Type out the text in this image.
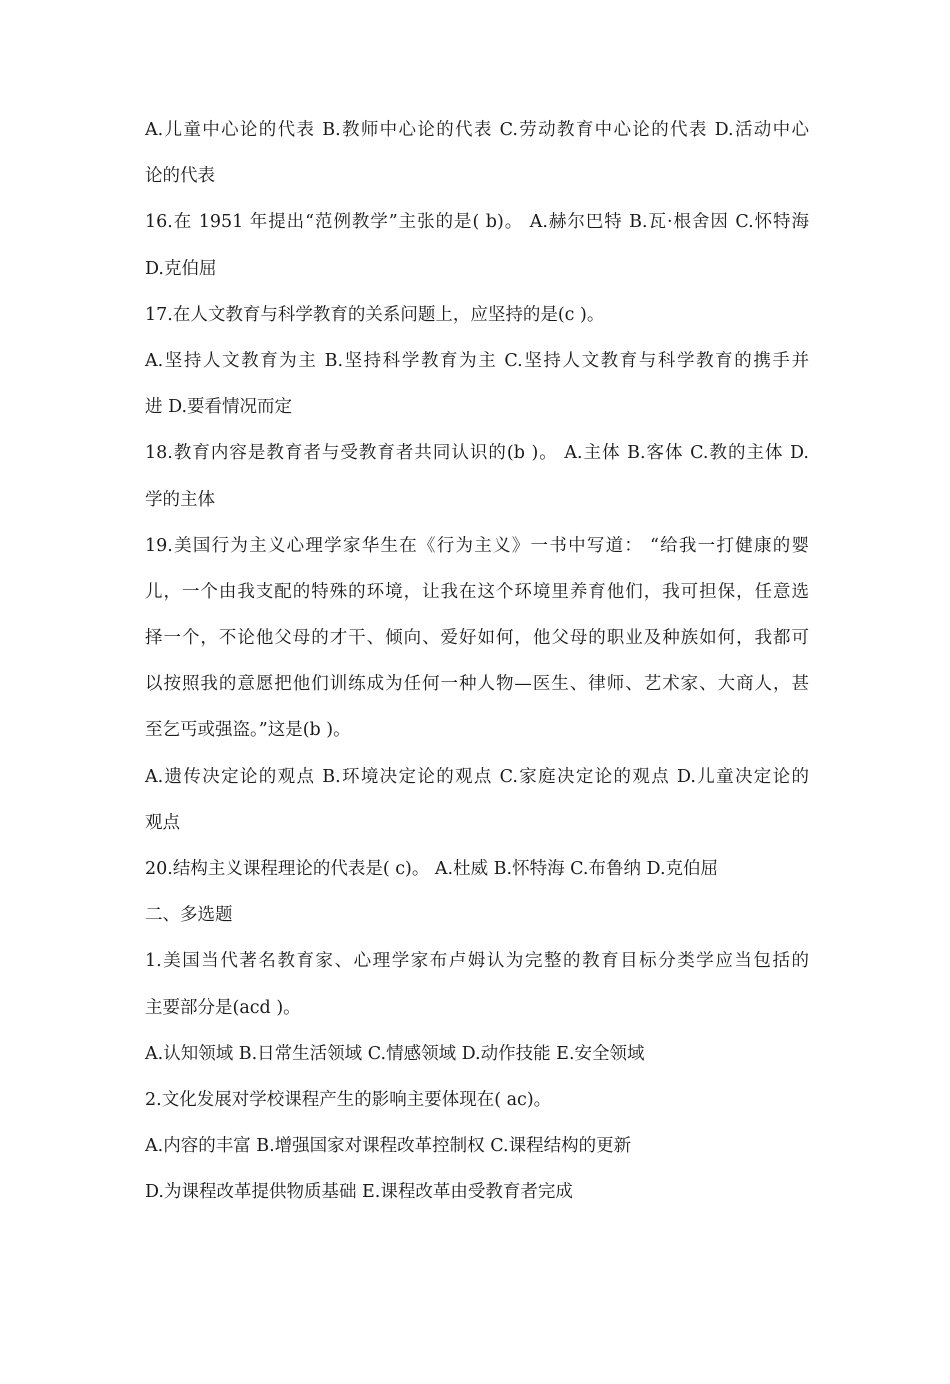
A.儿童中心论的代表 B.教师中心论的代表 C.劳动教育中心论的代表 D.活动中心
论的代表
16.在 1951 年提出“范例教学”主张的是( b)。 A.赫尔巴特 B.瓦·根舍因 C.怀特海
D.克伯屈
17.在人文教育与科学教育的关系问题上，应坚持的是(c )。
A.坚持人文教育为主 B.坚持科学教育为主 C.坚持人文教育与科学教育的携手并
进 D.要看情况而定
18.教育内容是教育者与受教育者共同认识的(b )。 A.主体 B.客体 C.教的主体 D.
学的主体
19.美国行为主义心理学家华生在《行为主义》一书中写道： “给我一打健康的婴
儿，一个由我支配的特殊的环境，让我在这个环境里养育他们，我可担保，任意选
择一个，不论他父母的才干、倾向、爱好如何，他父母的职业及种族如何，我都可
以按照我的意愿把他们训练成为任何一种人物—医生、律师、艺术家、大商人，甚
至乞丐或强盗。”这是(b )。
A.遗传决定论的观点 B.环境决定论的观点 C.家庭决定论的观点 D.儿童决定论的
观点
20.结构主义课程理论的代表是( c)。 A.杜威 B.怀特海 C.布鲁纳 D.克伯屈
二、多选题
1.美国当代著名教育家、心理学家布卢姆认为完整的教育目标分类学应当包括的
主要部分是(acd )。
A.认知领域 B.日常生活领域 C.情感领域 D.动作技能 E.安全领域
2.文化发展对学校课程产生的影响主要体现在( ac)。
A.内容的丰富 B.增强国家对课程改革控制权 C.课程结构的更新
D.为课程改革提供物质基础 E.课程改革由受教育者完成
